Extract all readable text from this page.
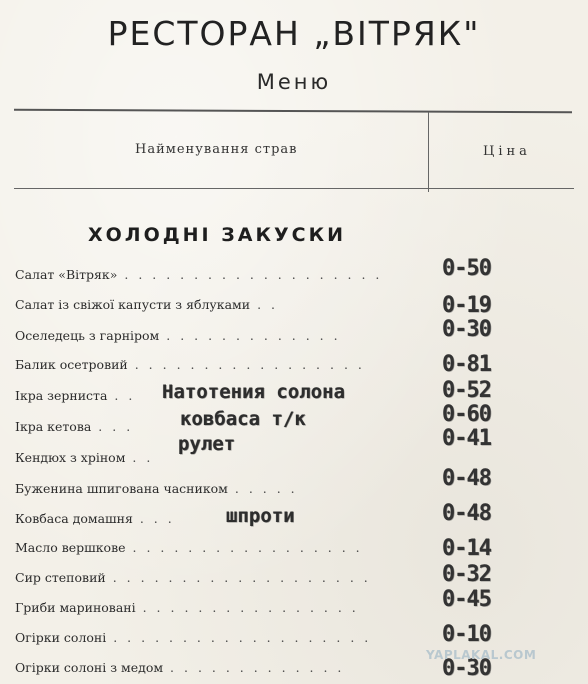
РЕСТОРАН „ВІТРЯК"
Меню
Найменування страв	Ціна
ХОЛОДНІ ЗАКУСКИ
Салат «Вітряк» . . . . . . . . . . . . . . . . . . .
Салат із свіжої капусти з яблуками . .
Оселедець з гарніром . . . . . . . . . . . . .
Балик осетровий . . . . . . . . . . . . . . . . .
Ікра зерниста . .
Ікра кетова . . .
Кендюх з хріном . .
Буженина шпигована часником . . . . .
Ковбаса домашня . . .
Масло вершкове . . . . . . . . . . . . . . . . .
Сир степовий . . . . . . . . . . . . . . . . . . .
Гриби мариновані . . . . . . . . . . . . . . . .
Огірки солоні . . . . . . . . . . . . . . . . . . .
Огірки солоні з медом . . . . . . . . . . . . .
0-50
0-19
0-30
0-81
0-52
0-60
0-41
0-48
0-48
0-14
0-32
0-45
0-10
0-30
Натотения солона
ковбаса т/к
рулет
шпроти
YAPLAKAL.COM
